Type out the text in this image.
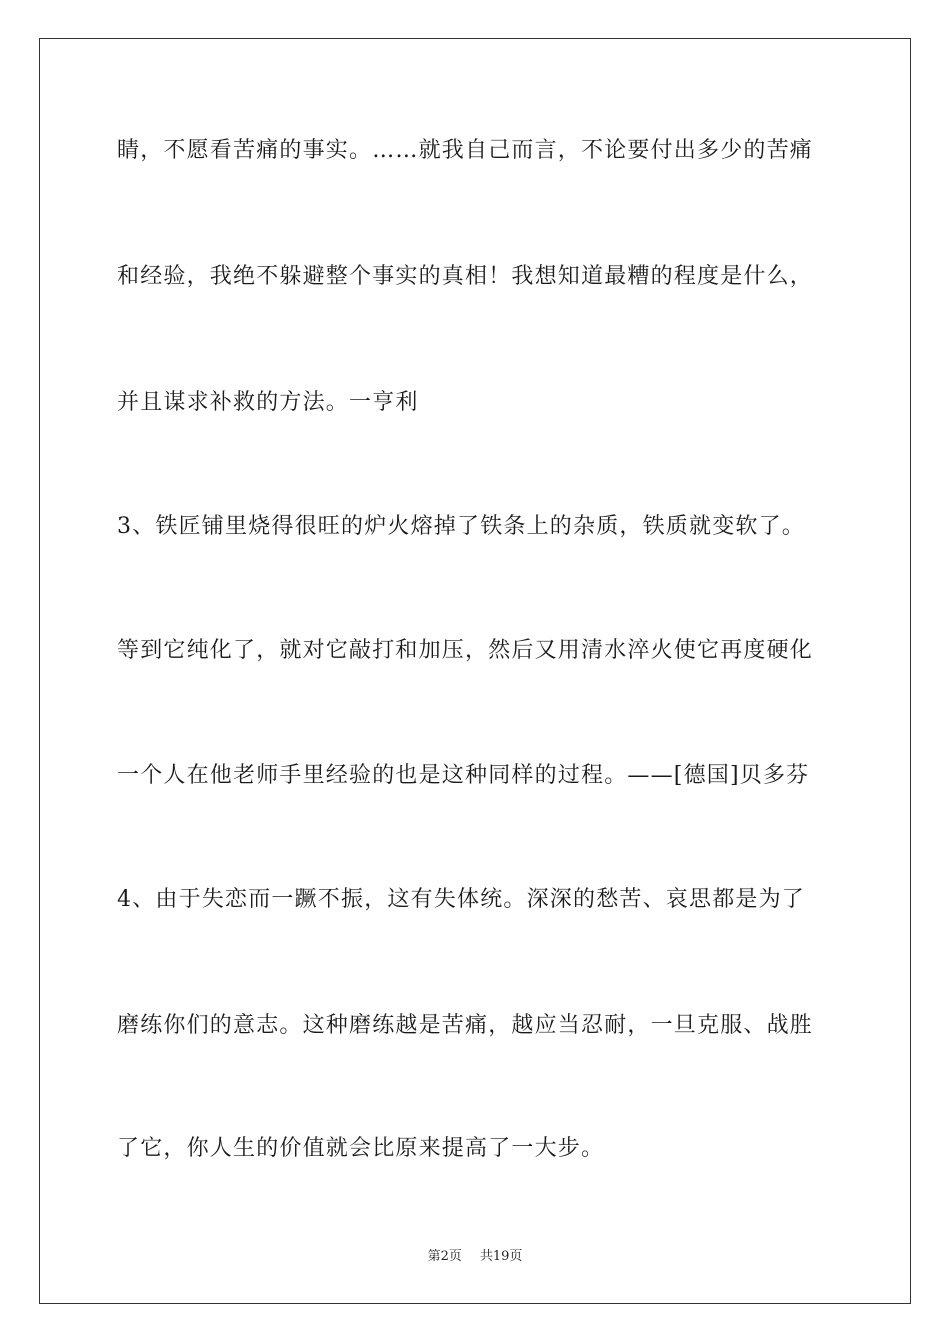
睛，不愿看苦痛的事实。……就我自己而言，不论要付出多少的苦痛
和经验，我绝不躲避整个事实的真相！我想知道最糟的程度是什么，
并且谋求补救的方法。一亨利
3、铁匠铺里烧得很旺的炉火熔掉了铁条上的杂质，铁质就变软了。
等到它纯化了，就对它敲打和加压，然后又用清水淬火使它再度硬化
一个人在他老师手里经验的也是这种同样的过程。——[德国]贝多芬
4、由于失恋而一蹶不振，这有失体统。深深的愁苦、哀思都是为了
磨练你们的意志。这种磨练越是苦痛，越应当忍耐，一旦克服、战胜
了它，你人生的价值就会比原来提高了一大步。
第2页 共19页
